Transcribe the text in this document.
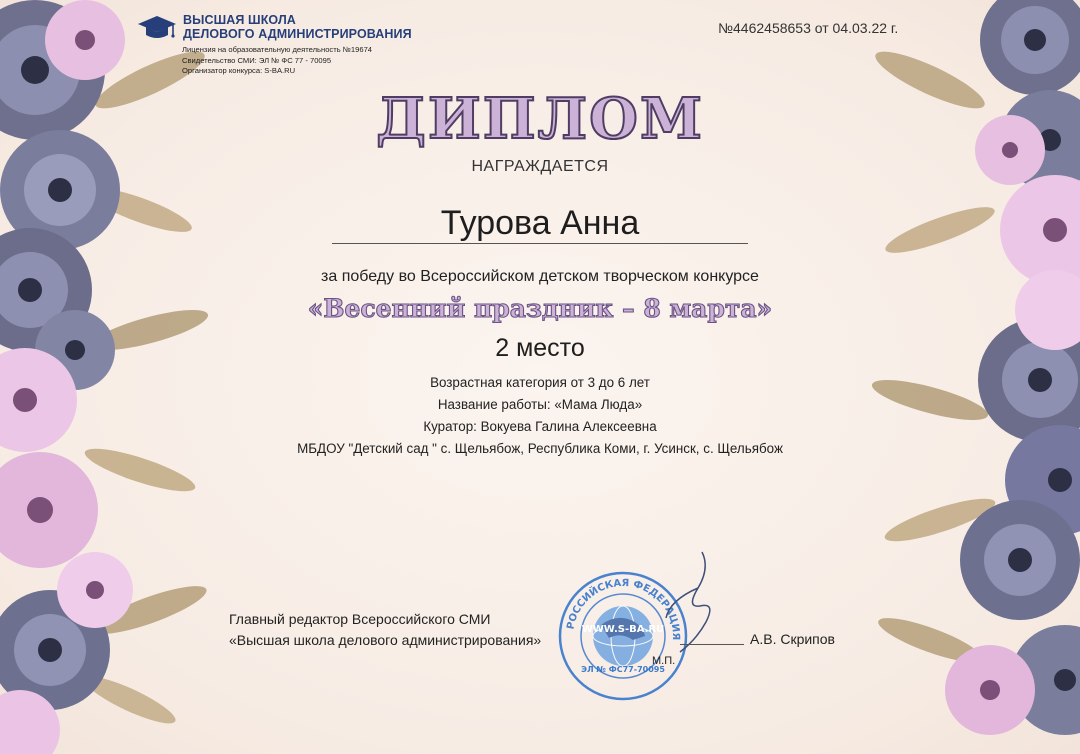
ВЫСШАЯ ШКОЛА
ДЕЛОВОГО АДМИНИСТРИРОВАНИЯ
Лицензия на образовательную деятельность №19674
Свидетельство СМИ: ЭЛ № ФС 77 - 70095
Организатор конкурса: S-BA.RU
№4462458653 от 04.03.22 г.
ДИПЛОМ
НАГРАЖДАЕТСЯ
Турова Анна
за победу во Всероссийском детском творческом конкурсе
«Весенний праздник – 8 марта»
2 место
Возрастная категория от 3 до 6 лет
Название работы: «Мама Люда»
Куратор: Вокуева Галина Алексеевна
МБДОУ "Детский сад " с. Щельябож, Республика Коми, г. Усинск, с. Щельябож
Главный редактор Всероссийского СМИ
«Высшая школа делового администрирования»
РОССИЙСКАЯ ФЕДЕРАЦИЯ
WWW.S-BA.RU
ЭЛ № ФС77-70095
М.П.
А.В. Скрипов
